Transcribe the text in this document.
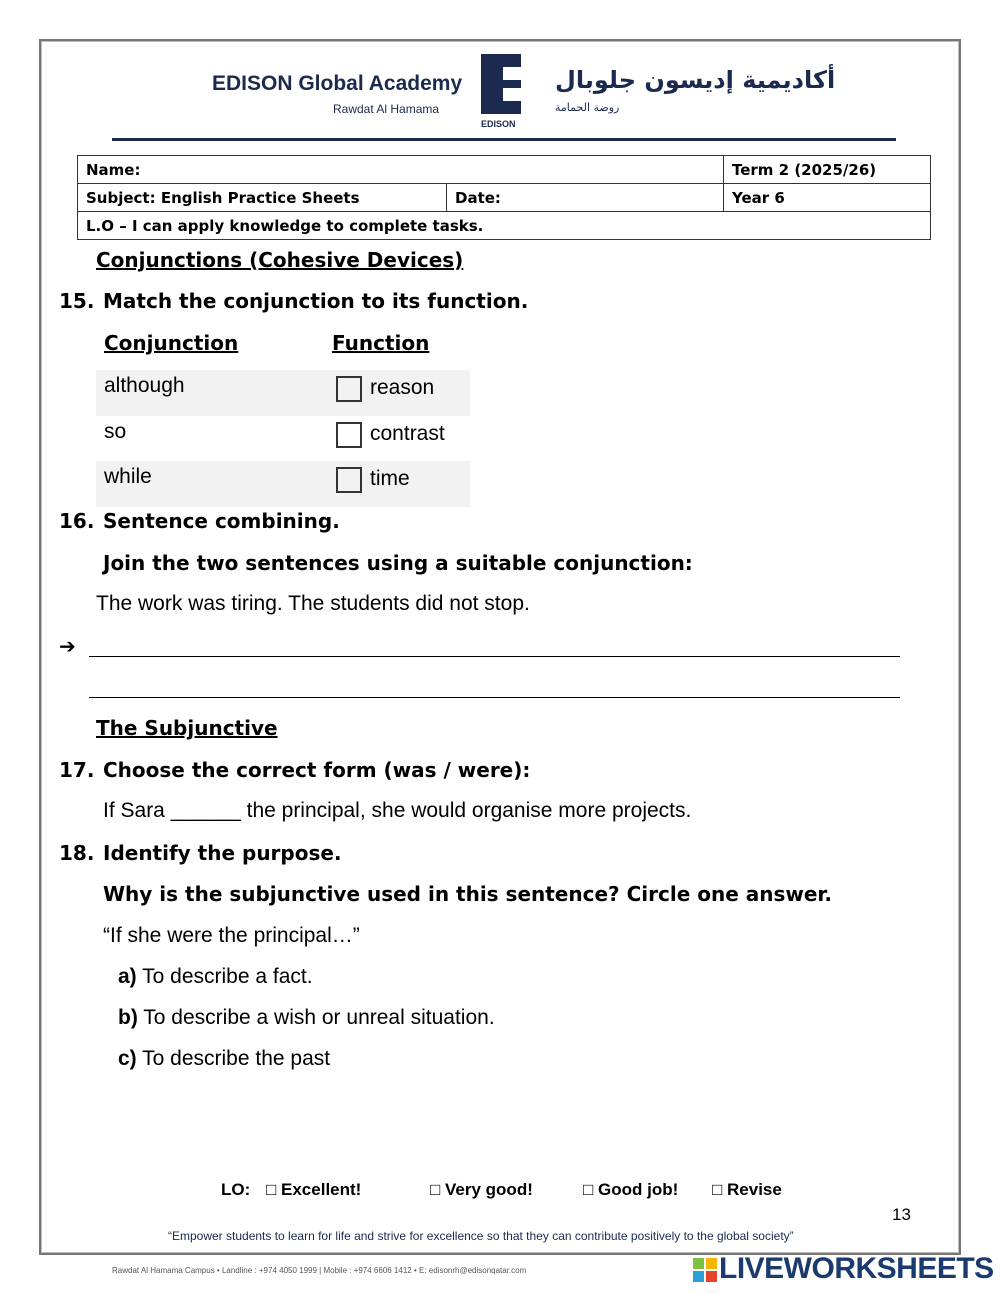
EDISON Global Academy
Rawdat Al Hamama
EDISON
أكاديمية إديسون جلوبال
روضة الحمامة
Name:		Term 2 (2025/26)
Subject: English Practice Sheets	Date:	Year 6
L.O – I can apply knowledge to complete tasks.		
Conjunctions (Cohesive Devices)
15. Match the conjunction to its function.
Conjunction	Function
although	reason
so	contrast
while	time
16. Sentence combining.
Join the two sentences using a suitable conjunction:
The work was tiring. The students did not stop.
➔
The Subjunctive
17. Choose the correct form (was / were):
If Sara ______ the principal, she would organise more projects.
18. Identify the purpose.
Why is the subjunctive used in this sentence? Circle one answer.
“If she were the principal…”
a) To describe a fact.
b) To describe a wish or unreal situation.
c) To describe the past
LO: □ Excellent!	□ Very good!	□ Good job! □ Revise
13
“Empower students to learn for life and strive for excellence so that they can contribute positively to the global society”
Rawdat Al Hamama Campus • Landline : +974 4050 1999 | Mobile : +974 6606 1412 • E: edisonrh@edisonqatar.com	LIVEWORKSHEETS
